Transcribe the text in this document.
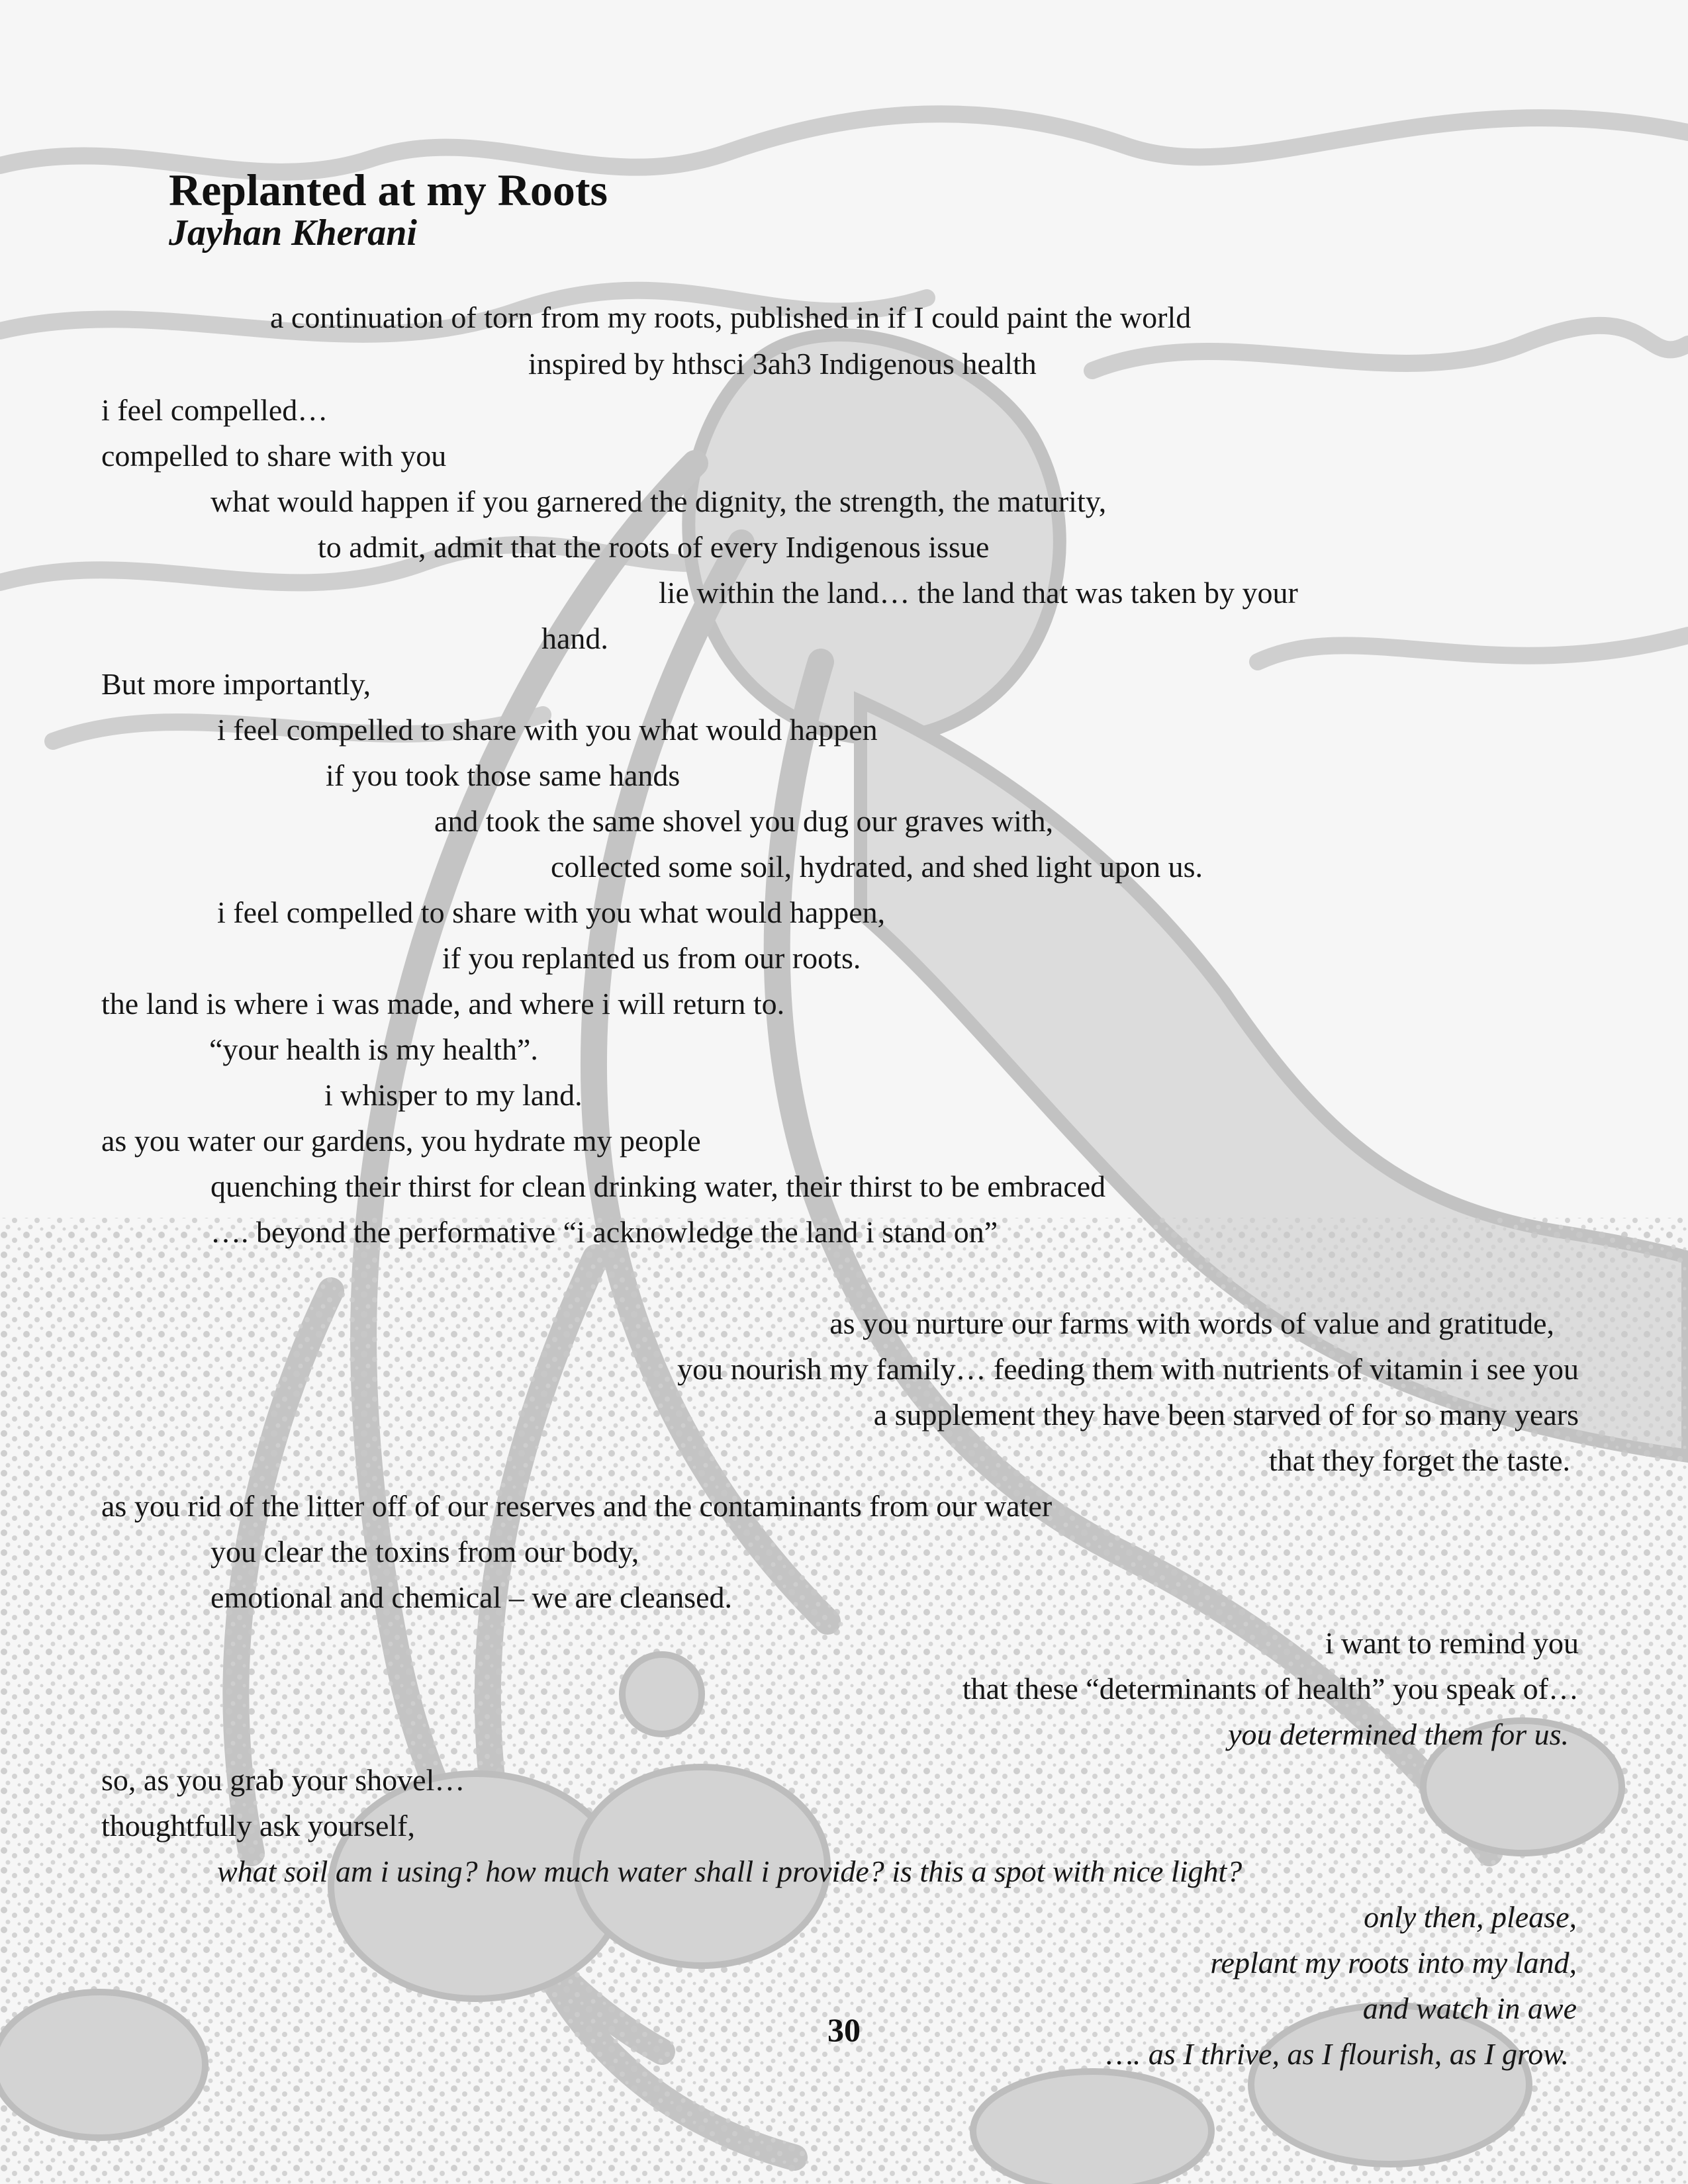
Replanted at my Roots
Jayhan Kherani

a continuation of torn from my roots, published in if I could paint the world

inspired by hthsci 3ah3 Indigenous health

i feel compelled…

compelled to share with you

what would happen if you garnered the dignity, the strength, the maturity,

to admit, admit that the roots of every Indigenous issue

lie within the land… the land that was taken by your

hand.

But more importantly,

i feel compelled to share with you what would happen

if you took those same hands

and took the same shovel you dug our graves with,

collected some soil, hydrated, and shed light upon us.

i feel compelled to share with you what would happen,

if you replanted us from our roots.

the land is where i was made, and where i will return to.

“your health is my health”.

i whisper to my land.

as you water our gardens, you hydrate my people

quenching their thirst for clean drinking water, their thirst to be embraced

…. beyond the performative “i acknowledge the land i stand on”

as you nurture our farms with words of value and gratitude,

you nourish my family… feeding them with nutrients of vitamin i see you

a supplement they have been starved of for so many years

that they forget the taste.

as you rid of the litter off of our reserves and the contaminants from our water

you clear the toxins from our body,

emotional and chemical – we are cleansed.

i want to remind you

that these “determinants of health” you speak of…

you determined them for us.

so, as you grab your shovel…

thoughtfully ask yourself,

what soil am i using? how much water shall i provide? is this a spot with nice light?

only then, please,

replant my roots into my land,

and watch in awe

…. as I thrive, as I flourish, as I grow.

30
